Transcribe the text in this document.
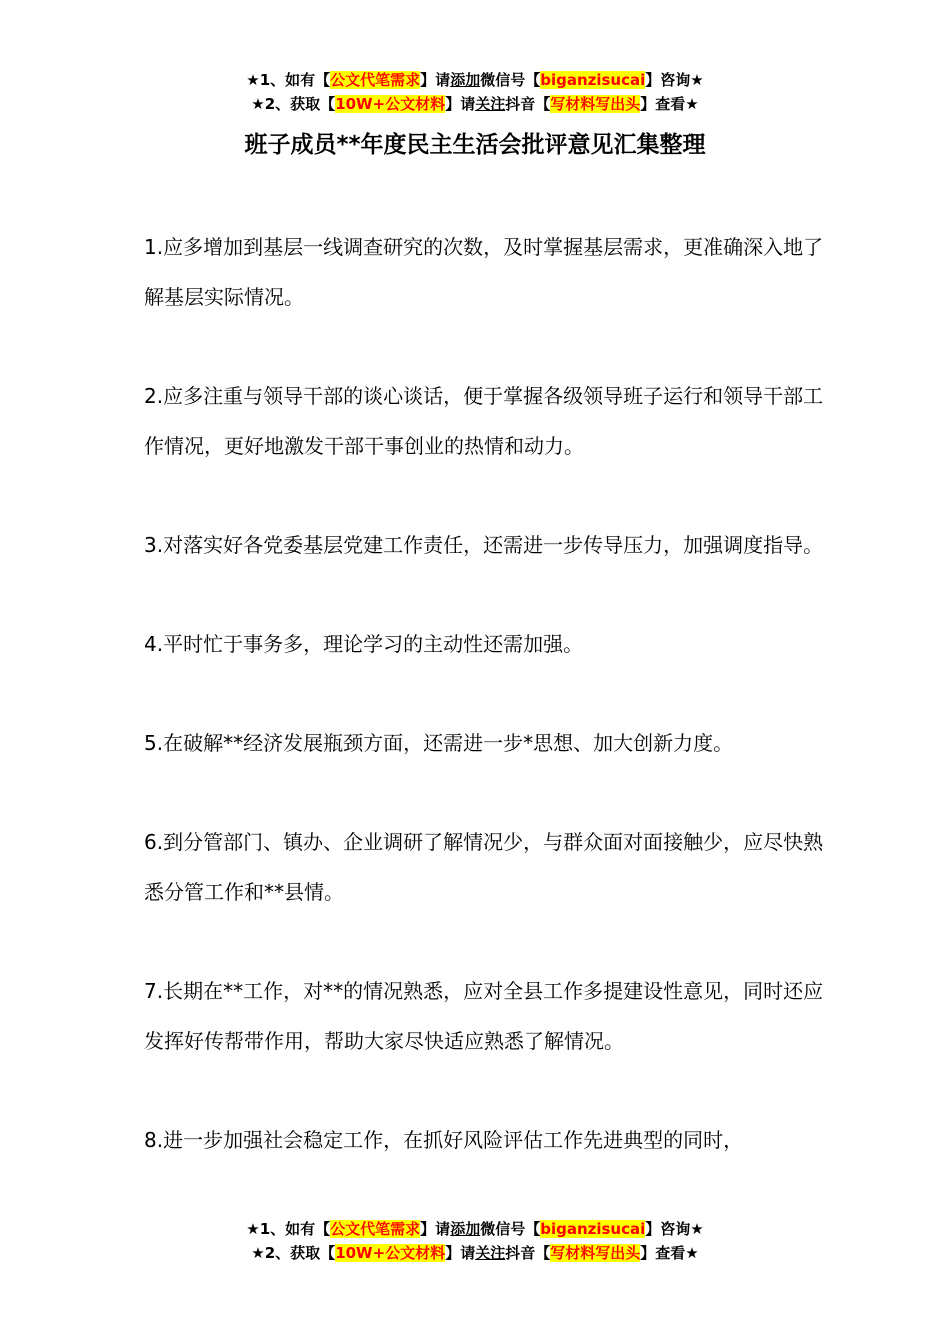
★1、如有【公文代笔需求】请添加微信号【biganzisucai】咨询★
★2、获取【10W+公文材料】请关注抖音【写材料写出头】查看★
班子成员**年度民主生活会批评意见汇集整理

1.应多增加到基层一线调查研究的次数，及时掌握基层需求，更准确深入地了解基层实际情况。

2.应多注重与领导干部的谈心谈话，便于掌握各级领导班子运行和领导干部工作情况，更好地激发干部干事创业的热情和动力。

3.对落实好各党委基层党建工作责任，还需进一步传导压力，加强调度指导。

4.平时忙于事务多，理论学习的主动性还需加强。

5.在破解**经济发展瓶颈方面，还需进一步*思想、加大创新力度。

6.到分管部门、镇办、企业调研了解情况少，与群众面对面接触少，应尽快熟悉分管工作和**县情。

7.长期在**工作，对**的情况熟悉，应对全县工作多提建设性意见，同时还应发挥好传帮带作用，帮助大家尽快适应熟悉了解情况。

8.进一步加强社会稳定工作，在抓好风险评估工作先进典型的同时，

★1、如有【公文代笔需求】请添加微信号【biganzisucai】咨询★
★2、获取【10W+公文材料】请关注抖音【写材料写出头】查看★
